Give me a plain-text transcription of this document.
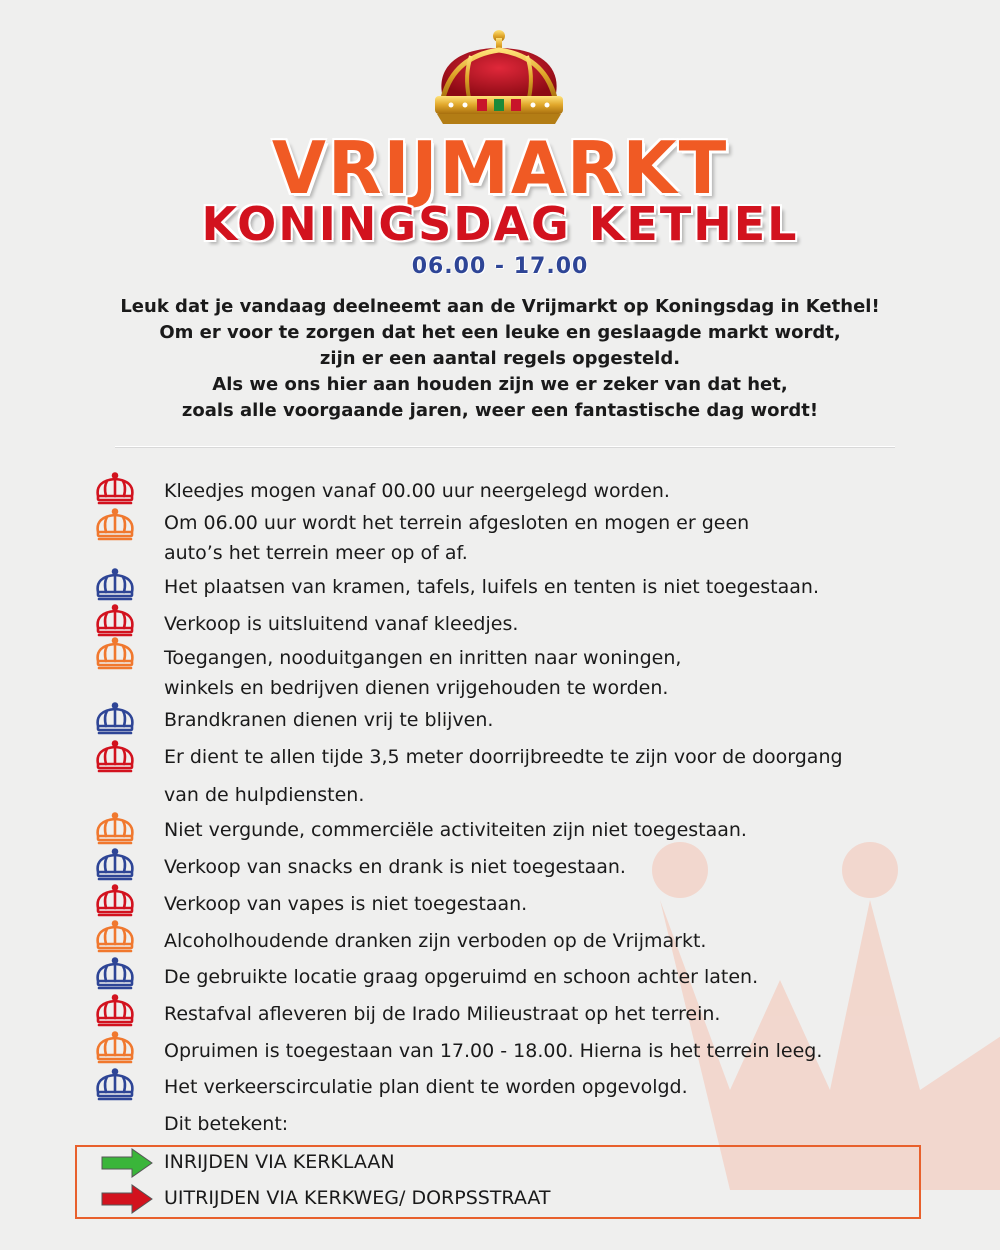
VRIJMARKT
KONINGSDAG KETHEL
06.00 - 17.00
Leuk dat je vandaag deelneemt aan de Vrijmarkt op Koningsdag in Kethel!
Om er voor te zorgen dat het een leuke en geslaagde markt wordt,
zijn er een aantal regels opgesteld.
Als we ons hier aan houden zijn we er zeker van dat het,
zoals alle voorgaande jaren, weer een fantastische dag wordt!
Kleedjes mogen vanaf 00.00 uur neergelegd worden.
Om 06.00 uur wordt het terrein afgesloten en mogen er geen
auto’s het terrein meer op of af.
Het plaatsen van kramen, tafels, luifels en tenten is niet toegestaan.
Verkoop is uitsluitend vanaf kleedjes.
Toegangen, nooduitgangen en inritten naar woningen,
winkels en bedrijven dienen vrijgehouden te worden.
Brandkranen dienen vrij te blijven.
Er dient te allen tijde 3,5 meter doorrijbreedte te zijn voor de doorgang
van de hulpdiensten.
Niet vergunde, commerciële activiteiten zijn niet toegestaan.
Verkoop van snacks en drank is niet toegestaan.
Verkoop van vapes is niet toegestaan.
Alcoholhoudende dranken zijn verboden op de Vrijmarkt.
De gebruikte locatie graag opgeruimd en schoon achter laten.
Restafval afleveren bij de Irado Milieustraat op het terrein.
Opruimen is toegestaan van 17.00 - 18.00. Hierna is het terrein leeg.
Het verkeerscirculatie plan dient te worden opgevolgd.
Dit betekent:
INRIJDEN VIA KERKLAAN
UITRIJDEN VIA KERKWEG/ DORPSSTRAAT
